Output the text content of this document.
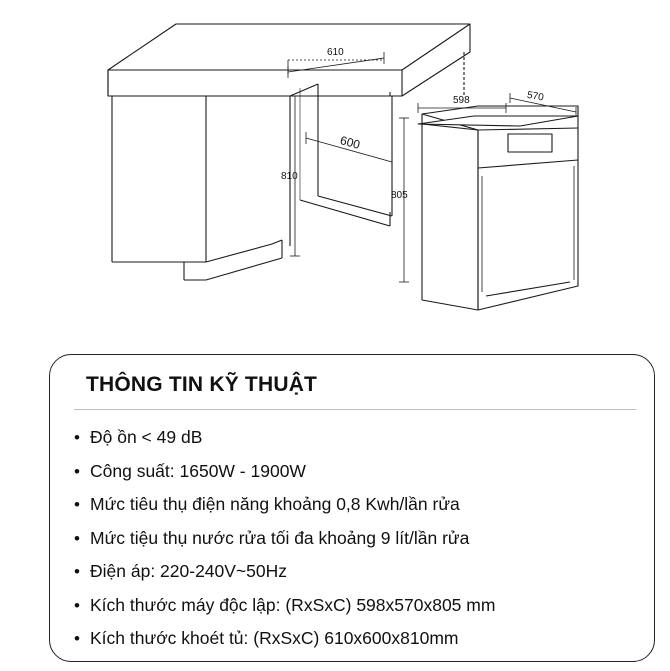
610
600
810
805
598	570
THÔNG TIN KỸ THUẬT
• Độ ồn < 49 dB
• Công suất: 1650W - 1900W
• Mức tiêu thụ điện năng khoảng 0,8 Kwh/lần rửa
• Mức tiệu thụ nước rửa tối đa khoảng 9 lít/lần rửa
• Điện áp: 220-240V~50Hz
• Kích thước máy độc lập: (RxSxC) 598x570x805 mm
• Kích thước khoét tủ: (RxSxC) 610x600x810mm
